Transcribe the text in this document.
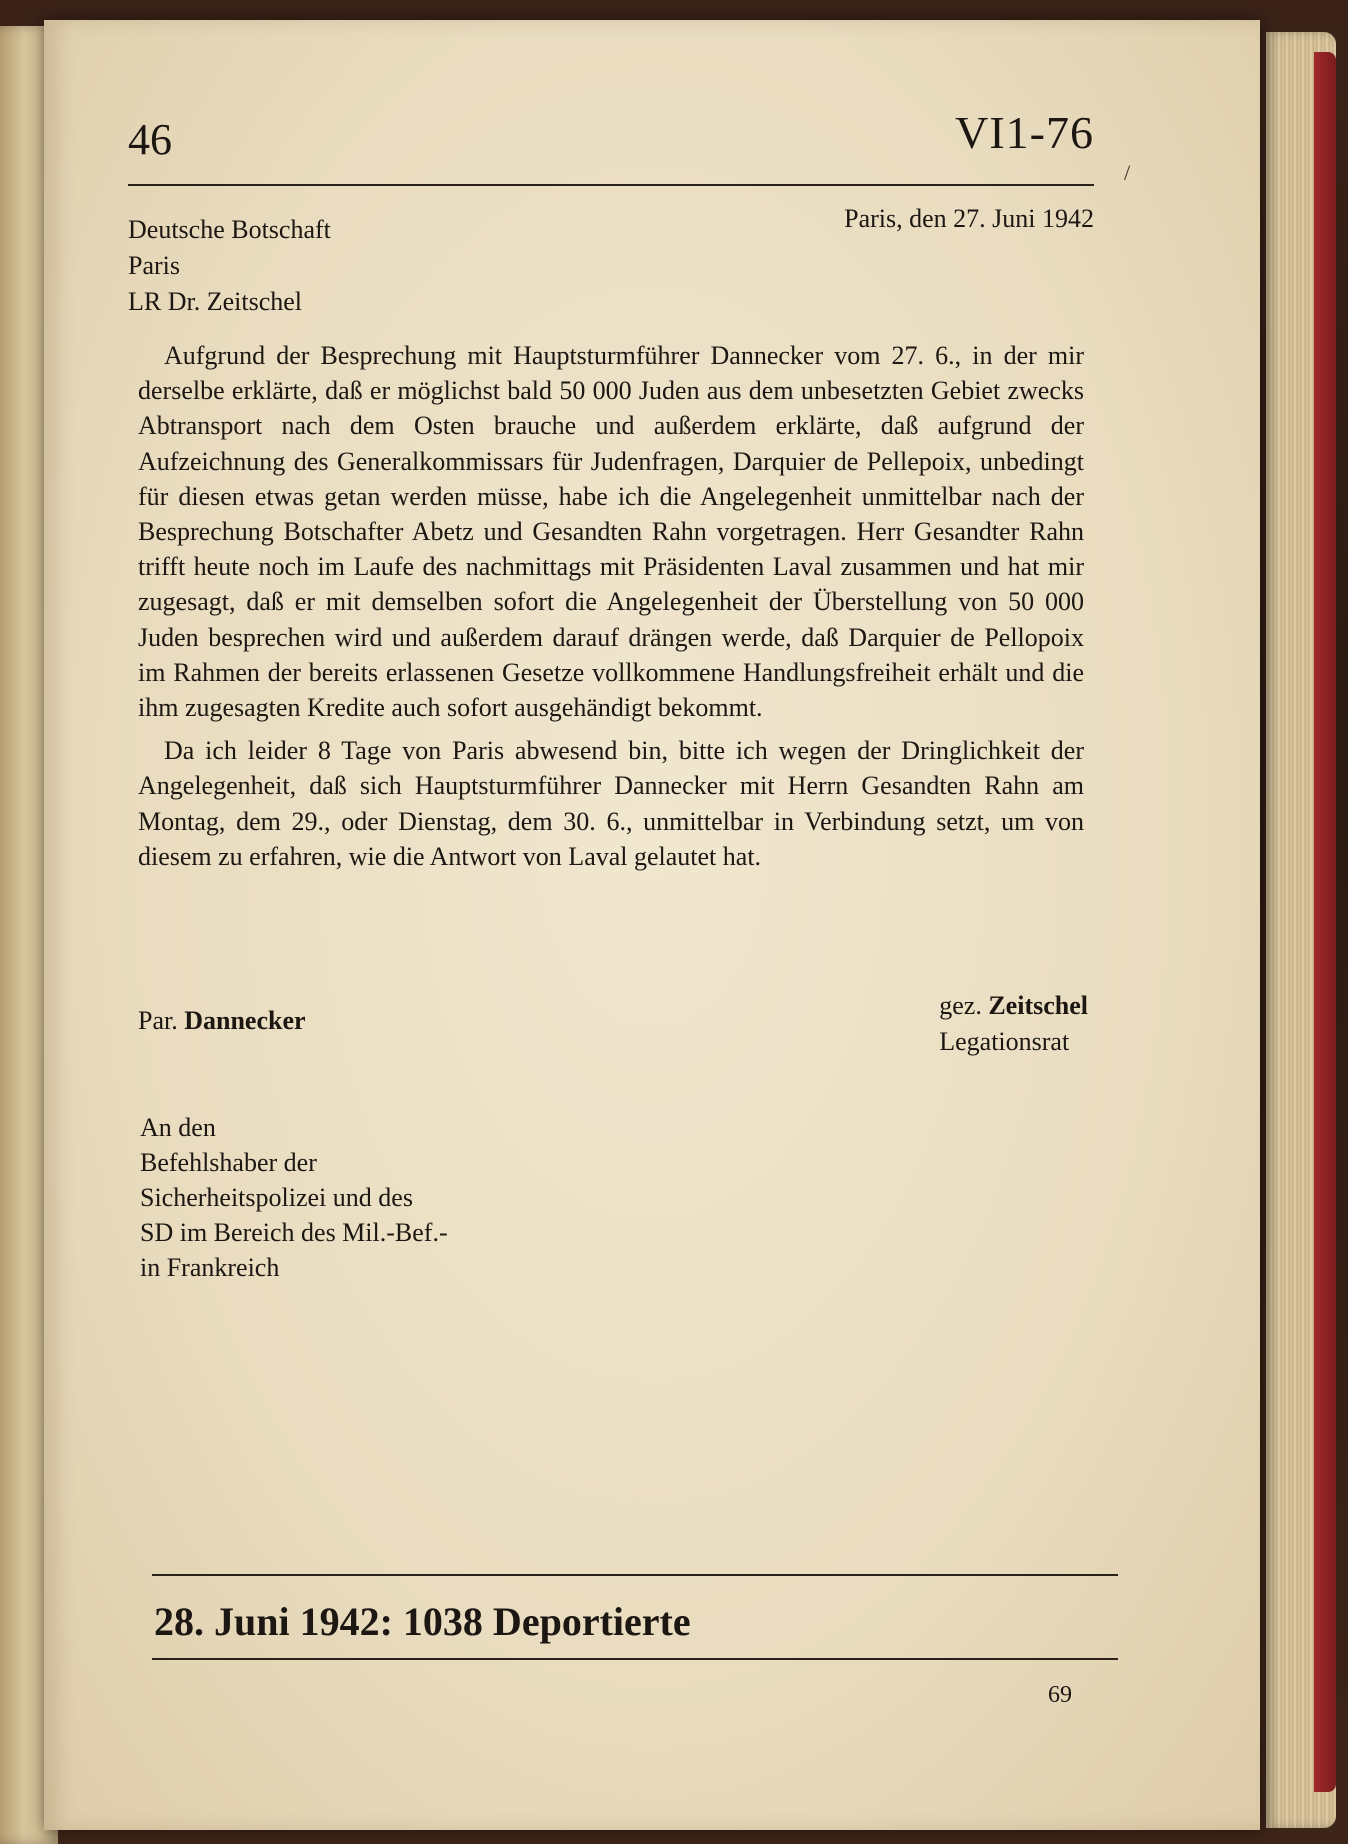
46	VI1-76
/
Deutsche Botschaft
Paris
LR Dr. Zeitschel
Paris, den 27. Juni 1942

Aufgrund der Besprechung mit Hauptsturmführer Dannecker vom 27. 6., in der mir derselbe erklärte, daß er möglichst bald 50 000 Juden aus dem unbesetzten Gebiet zwecks Abtransport nach dem Osten brauche und außerdem erklärte, daß aufgrund der Aufzeichnung des Generalkommissars für Judenfragen, Darquier de Pellepoix, unbedingt für diesen etwas getan werden müsse, habe ich die Angelegenheit unmittelbar nach der Besprechung Botschafter Abetz und Gesandten Rahn vorgetragen. Herr Gesandter Rahn trifft heute noch im Laufe des nachmittags mit Präsidenten Laval zusammen und hat mir zugesagt, daß er mit demselben sofort die Angelegenheit der Überstellung von 50 000 Juden besprechen wird und außerdem darauf drängen werde, daß Darquier de Pellopoix im Rahmen der bereits erlassenen Gesetze vollkommene Handlungsfreiheit erhält und die ihm zugesagten Kredite auch sofort ausgehändigt bekommt.

Da ich leider 8 Tage von Paris abwesend bin, bitte ich wegen der Dringlichkeit der Angelegenheit, daß sich Hauptsturmführer Dannecker mit Herrn Gesandten Rahn am Montag, dem 29., oder Dienstag, dem 30. 6., unmittelbar in Verbindung setzt, um von diesem zu erfahren, wie die Antwort von Laval gelautet hat.

Par. Dannecker
gez. Zeitschel
Legationsrat
An den
Befehlshaber der
Sicherheitspolizei und des
SD im Bereich des Mil.-Bef.-
in Frankreich
28. Juni 1942: 1038 Deportierte
69
